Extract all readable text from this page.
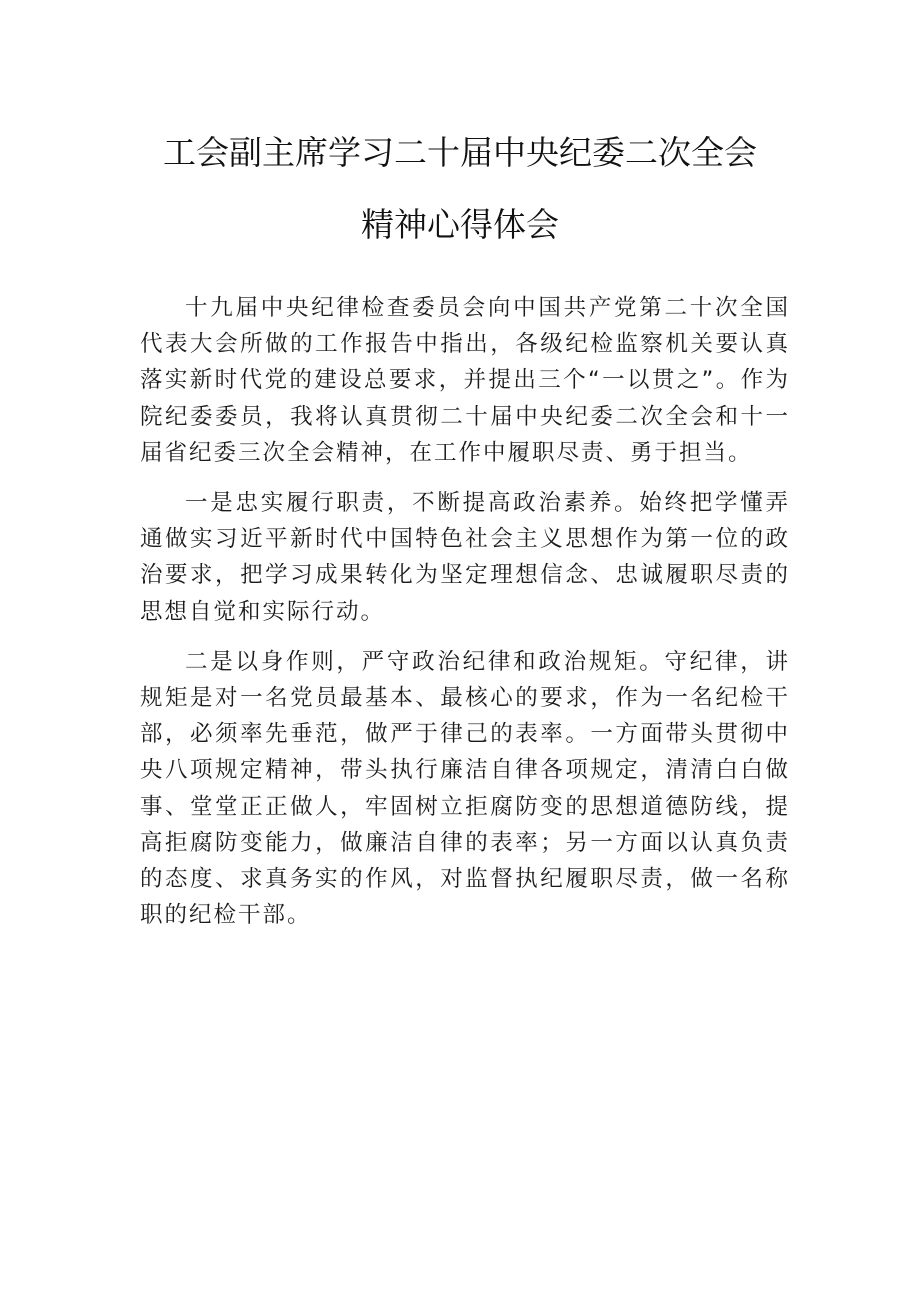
工会副主席学习二十届中央纪委二次全会
精神心得体会

十九届中央纪律检查委员会向中国共产党第二十次全国代表大会所做的工作报告中指出，各级纪检监察机关要认真落实新时代党的建设总要求，并提出三个“一以贯之”。作为院纪委委员，我将认真贯彻二十届中央纪委二次全会和十一届省纪委三次全会精神，在工作中履职尽责、勇于担当。

一是忠实履行职责，不断提高政治素养。始终把学懂弄通做实习近平新时代中国特色社会主义思想作为第一位的政治要求，把学习成果转化为坚定理想信念、忠诚履职尽责的思想自觉和实际行动。

二是以身作则，严守政治纪律和政治规矩。守纪律，讲规矩是对一名党员最基本、最核心的要求，作为一名纪检干部，必须率先垂范，做严于律己的表率。一方面带头贯彻中央八项规定精神，带头执行廉洁自律各项规定，清清白白做事、堂堂正正做人，牢固树立拒腐防变的思想道德防线，提高拒腐防变能力，做廉洁自律的表率；另一方面以认真负责的态度、求真务实的作风，对监督执纪履职尽责，做一名称职的纪检干部。
